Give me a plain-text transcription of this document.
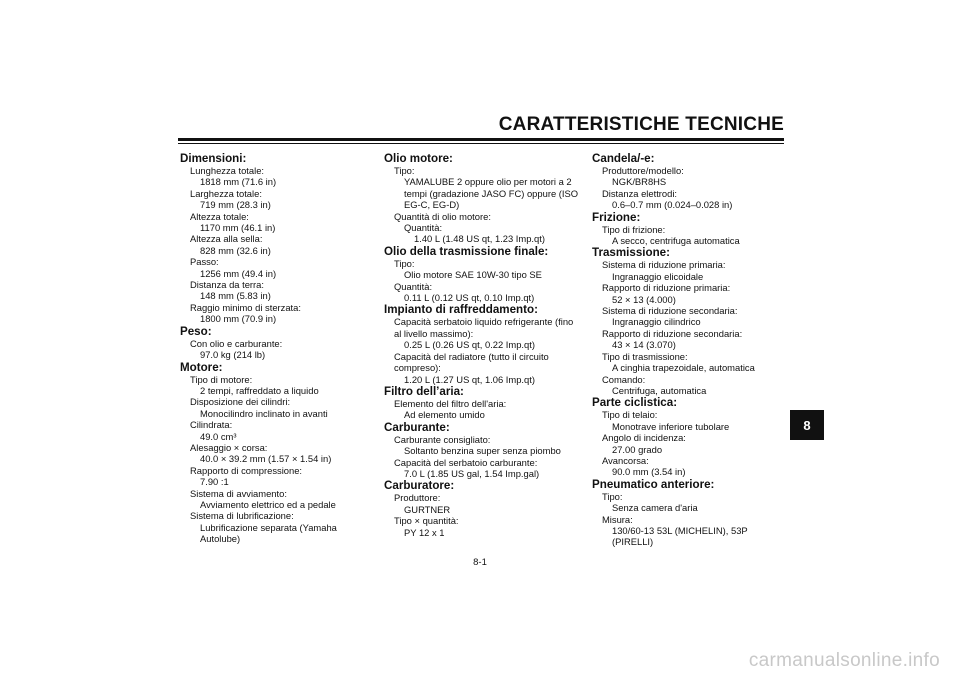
CARATTERISTICHE TECNICHE
Dimensioni:
Lunghezza totale:
1818 mm (71.6 in)
Larghezza totale:
719 mm (28.3 in)
Altezza totale:
1170 mm (46.1 in)
Altezza alla sella:
828 mm (32.6 in)
Passo:
1256 mm (49.4 in)
Distanza da terra:
148 mm (5.83 in)
Raggio minimo di sterzata:
1800 mm (70.9 in)
Peso:
Con olio e carburante:
97.0 kg (214 lb)
Motore:
Tipo di motore:
2 tempi, raffreddato a liquido
Disposizione dei cilindri:
Monocilindro inclinato in avanti
Cilindrata:
49.0 cm³
Alesaggio × corsa:
40.0 × 39.2 mm (1.57 × 1.54 in)
Rapporto di compressione:
7.90 :1
Sistema di avviamento:
Avviamento elettrico ed a pedale
Sistema di lubrificazione:
Lubrificazione separata (Yamaha Autolube)
Olio motore:
Tipo:
YAMALUBE 2 oppure olio per motori a 2 tempi (gradazione JASO FC) oppure (ISO EG-C, EG-D)
Quantità di olio motore:
Quantità:
1.40 L (1.48 US qt, 1.23 Imp.qt)
Olio della trasmissione finale:
Tipo:
Olio motore SAE 10W-30 tipo SE
Quantità:
0.11 L (0.12 US qt, 0.10 Imp.qt)
Impianto di raffreddamento:
Capacità serbatoio liquido refrigerante (fino al livello massimo):
0.25 L (0.26 US qt, 0.22 Imp.qt)
Capacità del radiatore (tutto il circuito compreso):
1.20 L (1.27 US qt, 1.06 Imp.qt)
Filtro dell’aria:
Elemento del filtro dell'aria:
Ad elemento umido
Carburante:
Carburante consigliato:
Soltanto benzina super senza piombo
Capacità del serbatoio carburante:
7.0 L (1.85 US gal, 1.54 Imp.gal)
Carburatore:
Produttore:
GURTNER
Tipo × quantità:
PY 12 x 1
Candela/-e:
Produttore/modello:
NGK/BR8HS
Distanza elettrodi:
0.6–0.7 mm (0.024–0.028 in)
Frizione:
Tipo di frizione:
A secco, centrifuga automatica
Trasmissione:
Sistema di riduzione primaria:
Ingranaggio elicoidale
Rapporto di riduzione primaria:
52 × 13 (4.000)
Sistema di riduzione secondaria:
Ingranaggio cilindrico
Rapporto di riduzione secondaria:
43 × 14 (3.070)
Tipo di trasmissione:
A cinghia trapezoidale, automatica
Comando:
Centrifuga, automatica
Parte ciclistica:
Tipo di telaio:
Monotrave inferiore tubolare
Angolo di incidenza:
27.00 grado
Avancorsa:
90.0 mm (3.54 in)
Pneumatico anteriore:
Tipo:
Senza camera d'aria
Misura:
130/60-13 53L (MICHELIN), 53P (PIRELLI)
8
8-1
carmanualsonline.info
